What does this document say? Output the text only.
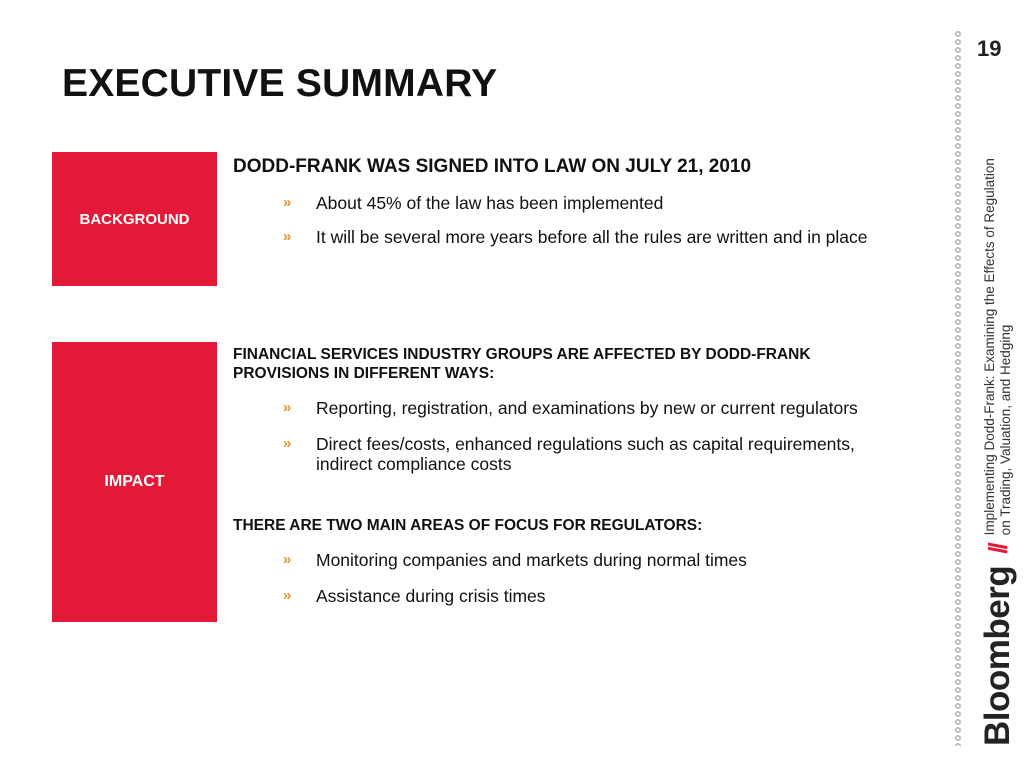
19
EXECUTIVE SUMMARY
Bloomberg
//
Implementing Dodd-Frank: Examining the Effects of Regulation
on Trading, Valuation, and Hedging
BACKGROUND
DODD-FRANK WAS SIGNED INTO LAW ON JULY 21, 2010
» About 45% of the law has been implemented
» It will be several more years before all the rules are written and in place
IMPACT
FINANCIAL SERVICES INDUSTRY GROUPS ARE AFFECTED BY DODD-FRANK PROVISIONS IN DIFFERENT WAYS:
» Reporting, registration, and examinations by new or current regulators
» Direct fees/costs, enhanced regulations such as capital requirements, indirect compliance costs
THERE ARE TWO MAIN AREAS OF FOCUS FOR REGULATORS:
» Monitoring companies and markets during normal times
» Assistance during crisis times
